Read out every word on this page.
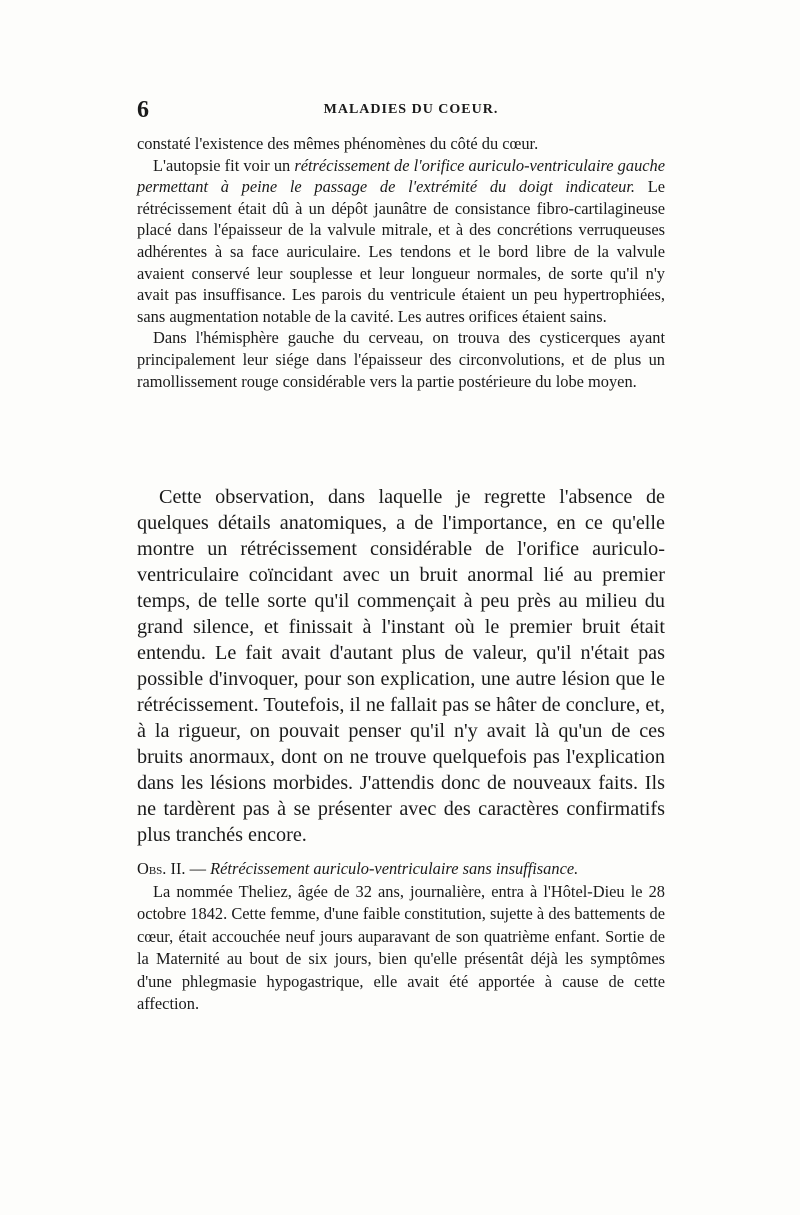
6	MALADIES DU COEUR.

constaté l'existence des mêmes phénomènes du côté du cœur.

L'autopsie fit voir un rétrécissement de l'orifice auriculo-ventriculaire gauche permettant à peine le passage de l'extrémité du doigt indicateur. Le rétrécissement était dû à un dépôt jaunâtre de consistance fibro-cartilagineuse placé dans l'épaisseur de la valvule mitrale, et à des concrétions verruqueuses adhérentes à sa face auriculaire. Les tendons et le bord libre de la valvule avaient conservé leur souplesse et leur longueur normales, de sorte qu'il n'y avait pas insuffisance. Les parois du ventricule étaient un peu hypertrophiées, sans augmentation notable de la cavité. Les autres orifices étaient sains.

Dans l'hémisphère gauche du cerveau, on trouva des cysticerques ayant principalement leur siége dans l'épaisseur des circonvolutions, et de plus un ramollissement rouge considérable vers la partie postérieure du lobe moyen.

Cette observation, dans laquelle je regrette l'absence de quelques détails anatomiques, a de l'importance, en ce qu'elle montre un rétrécissement considérable de l'orifice auriculo-ventriculaire coïncidant avec un bruit anormal lié au premier temps, de telle sorte qu'il commençait à peu près au milieu du grand silence, et finissait à l'instant où le premier bruit était entendu. Le fait avait d'autant plus de valeur, qu'il n'était pas possible d'invoquer, pour son explication, une autre lésion que le rétrécissement. Toutefois, il ne fallait pas se hâter de conclure, et, à la rigueur, on pouvait penser qu'il n'y avait là qu'un de ces bruits anormaux, dont on ne trouve quelquefois pas l'explication dans les lésions morbides. J'attendis donc de nouveaux faits. Ils ne tardèrent pas à se présenter avec des caractères confirmatifs plus tranchés encore.

Obs. II. — Rétrécissement auriculo-ventriculaire sans insuffisance.

La nommée Theliez, âgée de 32 ans, journalière, entra à l'Hôtel-Dieu le 28 octobre 1842. Cette femme, d'une faible constitution, sujette à des battements de cœur, était accouchée neuf jours auparavant de son quatrième enfant. Sortie de la Maternité au bout de six jours, bien qu'elle présentât déjà les symptômes d'une phlegmasie hypogastrique, elle avait été apportée à cause de cette affection.
